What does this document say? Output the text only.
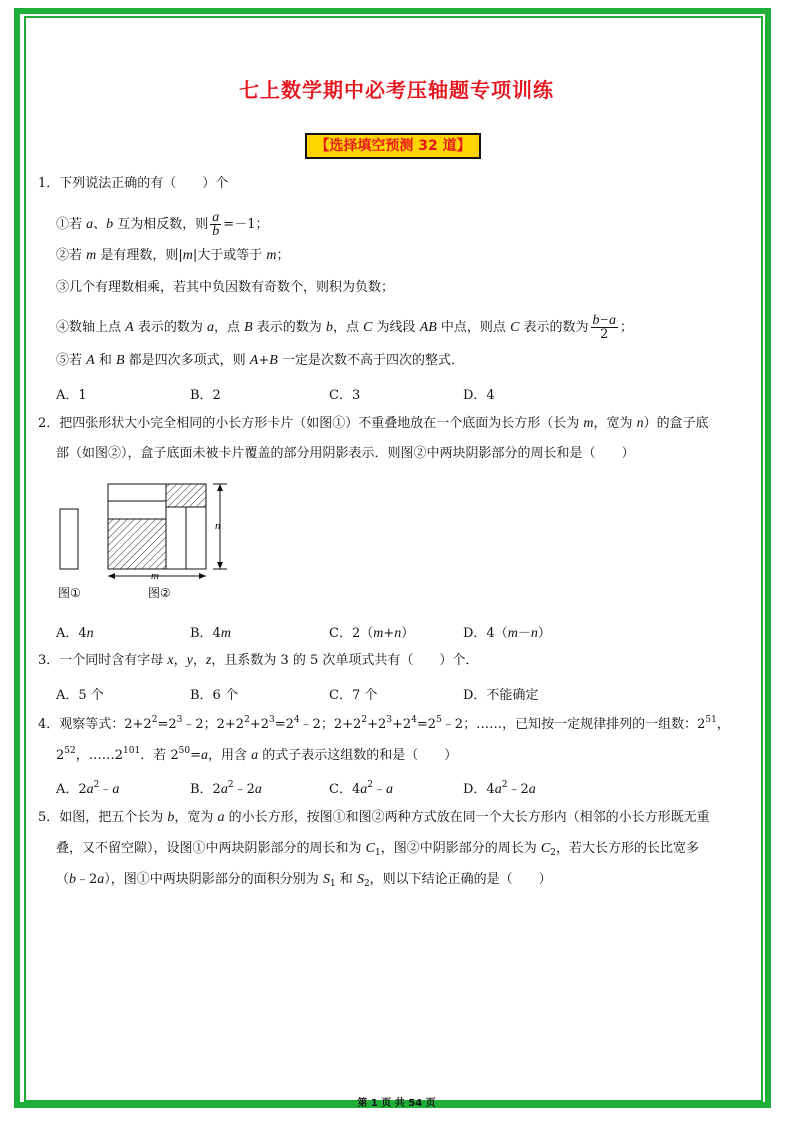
七上数学期中必考压轴题专项训练
【选择填空预测 32 道】
1．下列说法正确的有（　　）个
①若 a、b 互为相反数，则 $\frac{a}{b} =-1$；
②若 m 是有理数，则|m|大于或等于 m；
③几个有理数相乘，若其中负因数有奇数个，则积为负数；
④数轴上点 A 表示的数为 a，点 B 表示的数为 b，点 C 为线段 AB 中点，则点 C 表示的数为 $\frac{b-a}{2}$ ；
⑤若 A 和 B 都是四次多项式，则 A+B 一定是次数不高于四次的整式．
A．1	B．2	C．3	D．4
2．把四张形状大小完全相同的小长方形卡片（如图①）不重叠地放在一个底面为长方形（长为 m，宽为 n）的盒子底
部（如图②），盒子底面未被卡片覆盖的部分用阴影表示．则图②中两块阴影部分的周长和是（　　）
n
m
图①	图②
A．4n	B．4m	C．2（m+n）	D．4（m－n）
3．一个同时含有字母 x，y，z，且系数为 3 的 5 次单项式共有（　　）个．
A．5 个	B．6 个	C．7 个	D．不能确定
4．观察等式：$2+2^2=2^3﹣2$；$2+2^2+2^3=2^4﹣2$；$2+2^2+2^3+2^4=2^5﹣2$；……，已知按一定规律排列的一组数：$2^{51}$，
$2^{52}$，$\dots\dots 2^{101}$．若 $2^{50}=a$，用含 a 的式子表示这组数的和是（　　）
A．$2a^2﹣a$	B．$2a^2﹣2a$	C．$4a^2﹣a$	D．$4a^2﹣2a$
5．如图，把五个长为 b，宽为 a 的小长方形，按图①和图②两种方式放在同一个大长方形内（相邻的小长方形既无重
叠，又不留空隙），设图①中两块阴影部分的周长和为 $C_1$，图②中阴影部分的周长为 $C_2$，若大长方形的长比宽多
（b﹣2a），图①中两块阴影部分的面积分别为 $S_1$ 和 $S_2$，则以下结论正确的是（　　）
第 1 页 共 54 页
